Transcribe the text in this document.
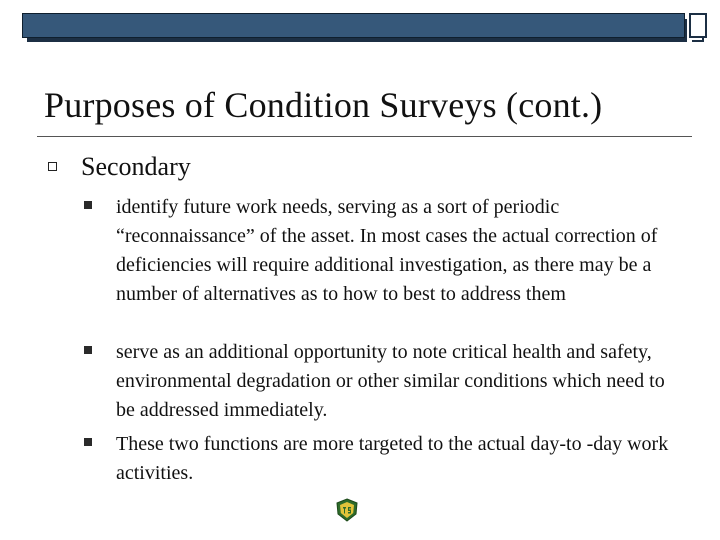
Purposes of Condition Surveys (cont.)
Secondary
identify future work needs, serving as a sort of periodic “reconnaissance” of the asset. In most cases the actual correction of deficiencies will require additional investigation, as there may be a number of alternatives as to how to best to address them
serve as an additional opportunity to note critical health and safety, environmental degradation or other similar conditions which need to be addressed immediately.
These two functions are more targeted to the actual day-to -day work activities.
